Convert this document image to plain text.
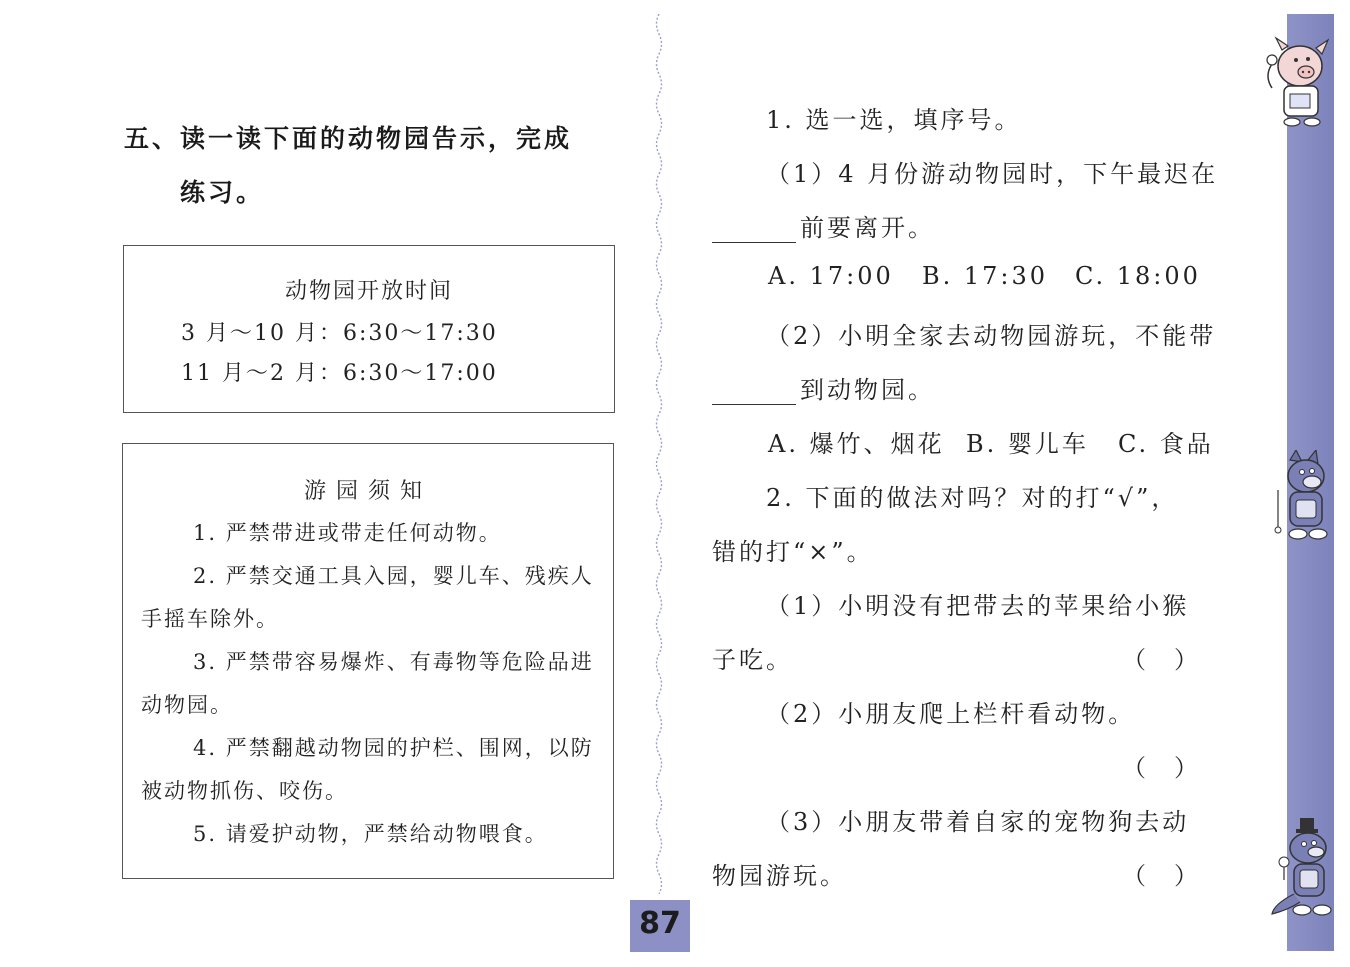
五、读一读下面的动物园告示，完成
练习。
动物园开放时间
3 月～10 月：6:30～17:30
11 月～2 月：6:30～17:00
游园须知
1. 严禁带进或带走任何动物。
2. 严禁交通工具入园，婴儿车、残疾人手摇车除外。
3. 严禁带容易爆炸、有毒物等危险品进动物园。
4. 严禁翻越动物园的护栏、围网，以防被动物抓伤、咬伤。
5. 请爱护动物，严禁给动物喂食。
1. 选一选，填序号。
（1）4 月份游动物园时，下午最迟在
前要离开。
A. 17:00 B. 17:30 C. 18:00
（2）小明全家去动物园游玩，不能带
到动物园。
A. 爆竹、烟花 B. 婴儿车 C. 食品
2. 下面的做法对吗？对的打“√”，
错的打“×”。
（1）小明没有把带去的苹果给小猴
子吃。	（）
（2）小朋友爬上栏杆看动物。
（）
（3）小朋友带着自家的宠物狗去动
物园游玩。	（）
87
